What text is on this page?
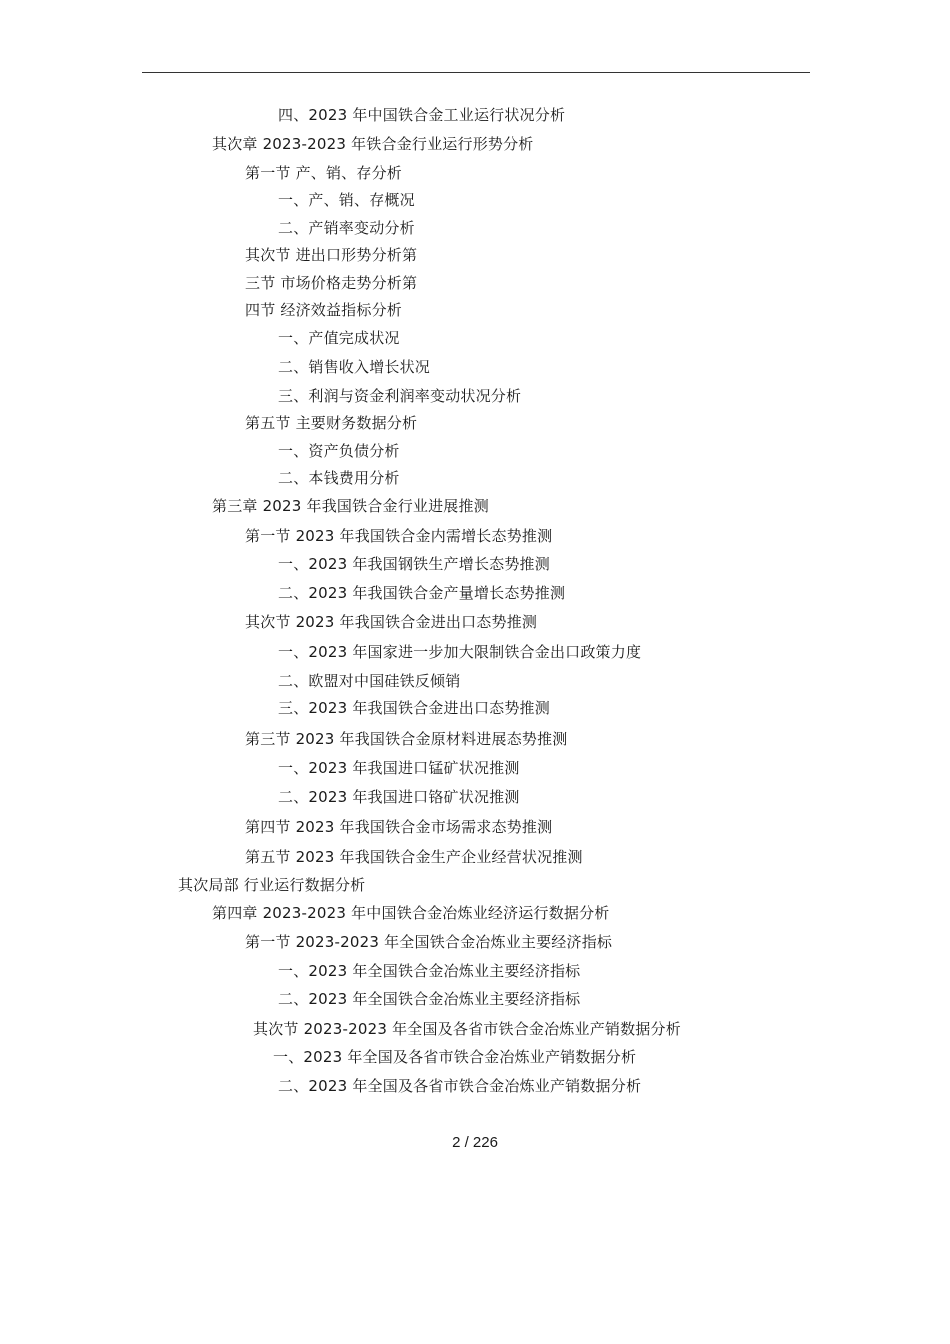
四、2023 年中国铁合金工业运行状况分析
其次章 2023-2023 年铁合金行业运行形势分析
第一节 产、销、存分析
一、产、销、存概况
二、产销率变动分析
其次节 进出口形势分析第
三节 市场价格走势分析第
四节 经济效益指标分析
一、产值完成状况
二、销售收入增长状况
三、利润与资金利润率变动状况分析
第五节 主要财务数据分析
一、资产负债分析
二、本钱费用分析
第三章 2023 年我国铁合金行业进展推测
第一节 2023 年我国铁合金内需增长态势推测
一、2023 年我国钢铁生产增长态势推测
二、2023 年我国铁合金产量增长态势推测
其次节 2023 年我国铁合金进出口态势推测
一、2023 年国家进一步加大限制铁合金出口政策力度
二、欧盟对中国硅铁反倾销
三、2023 年我国铁合金进出口态势推测
第三节 2023 年我国铁合金原材料进展态势推测
一、2023 年我国进口锰矿状况推测
二、2023 年我国进口铬矿状况推测
第四节 2023 年我国铁合金市场需求态势推测
第五节 2023 年我国铁合金生产企业经营状况推测
其次局部 行业运行数据分析
第四章 2023-2023 年中国铁合金冶炼业经济运行数据分析
第一节 2023-2023 年全国铁合金冶炼业主要经济指标
一、2023 年全国铁合金冶炼业主要经济指标
二、2023 年全国铁合金冶炼业主要经济指标
其次节 2023-2023 年全国及各省市铁合金冶炼业产销数据分析
一、2023 年全国及各省市铁合金冶炼业产销数据分析
二、2023 年全国及各省市铁合金冶炼业产销数据分析
2 / 226
